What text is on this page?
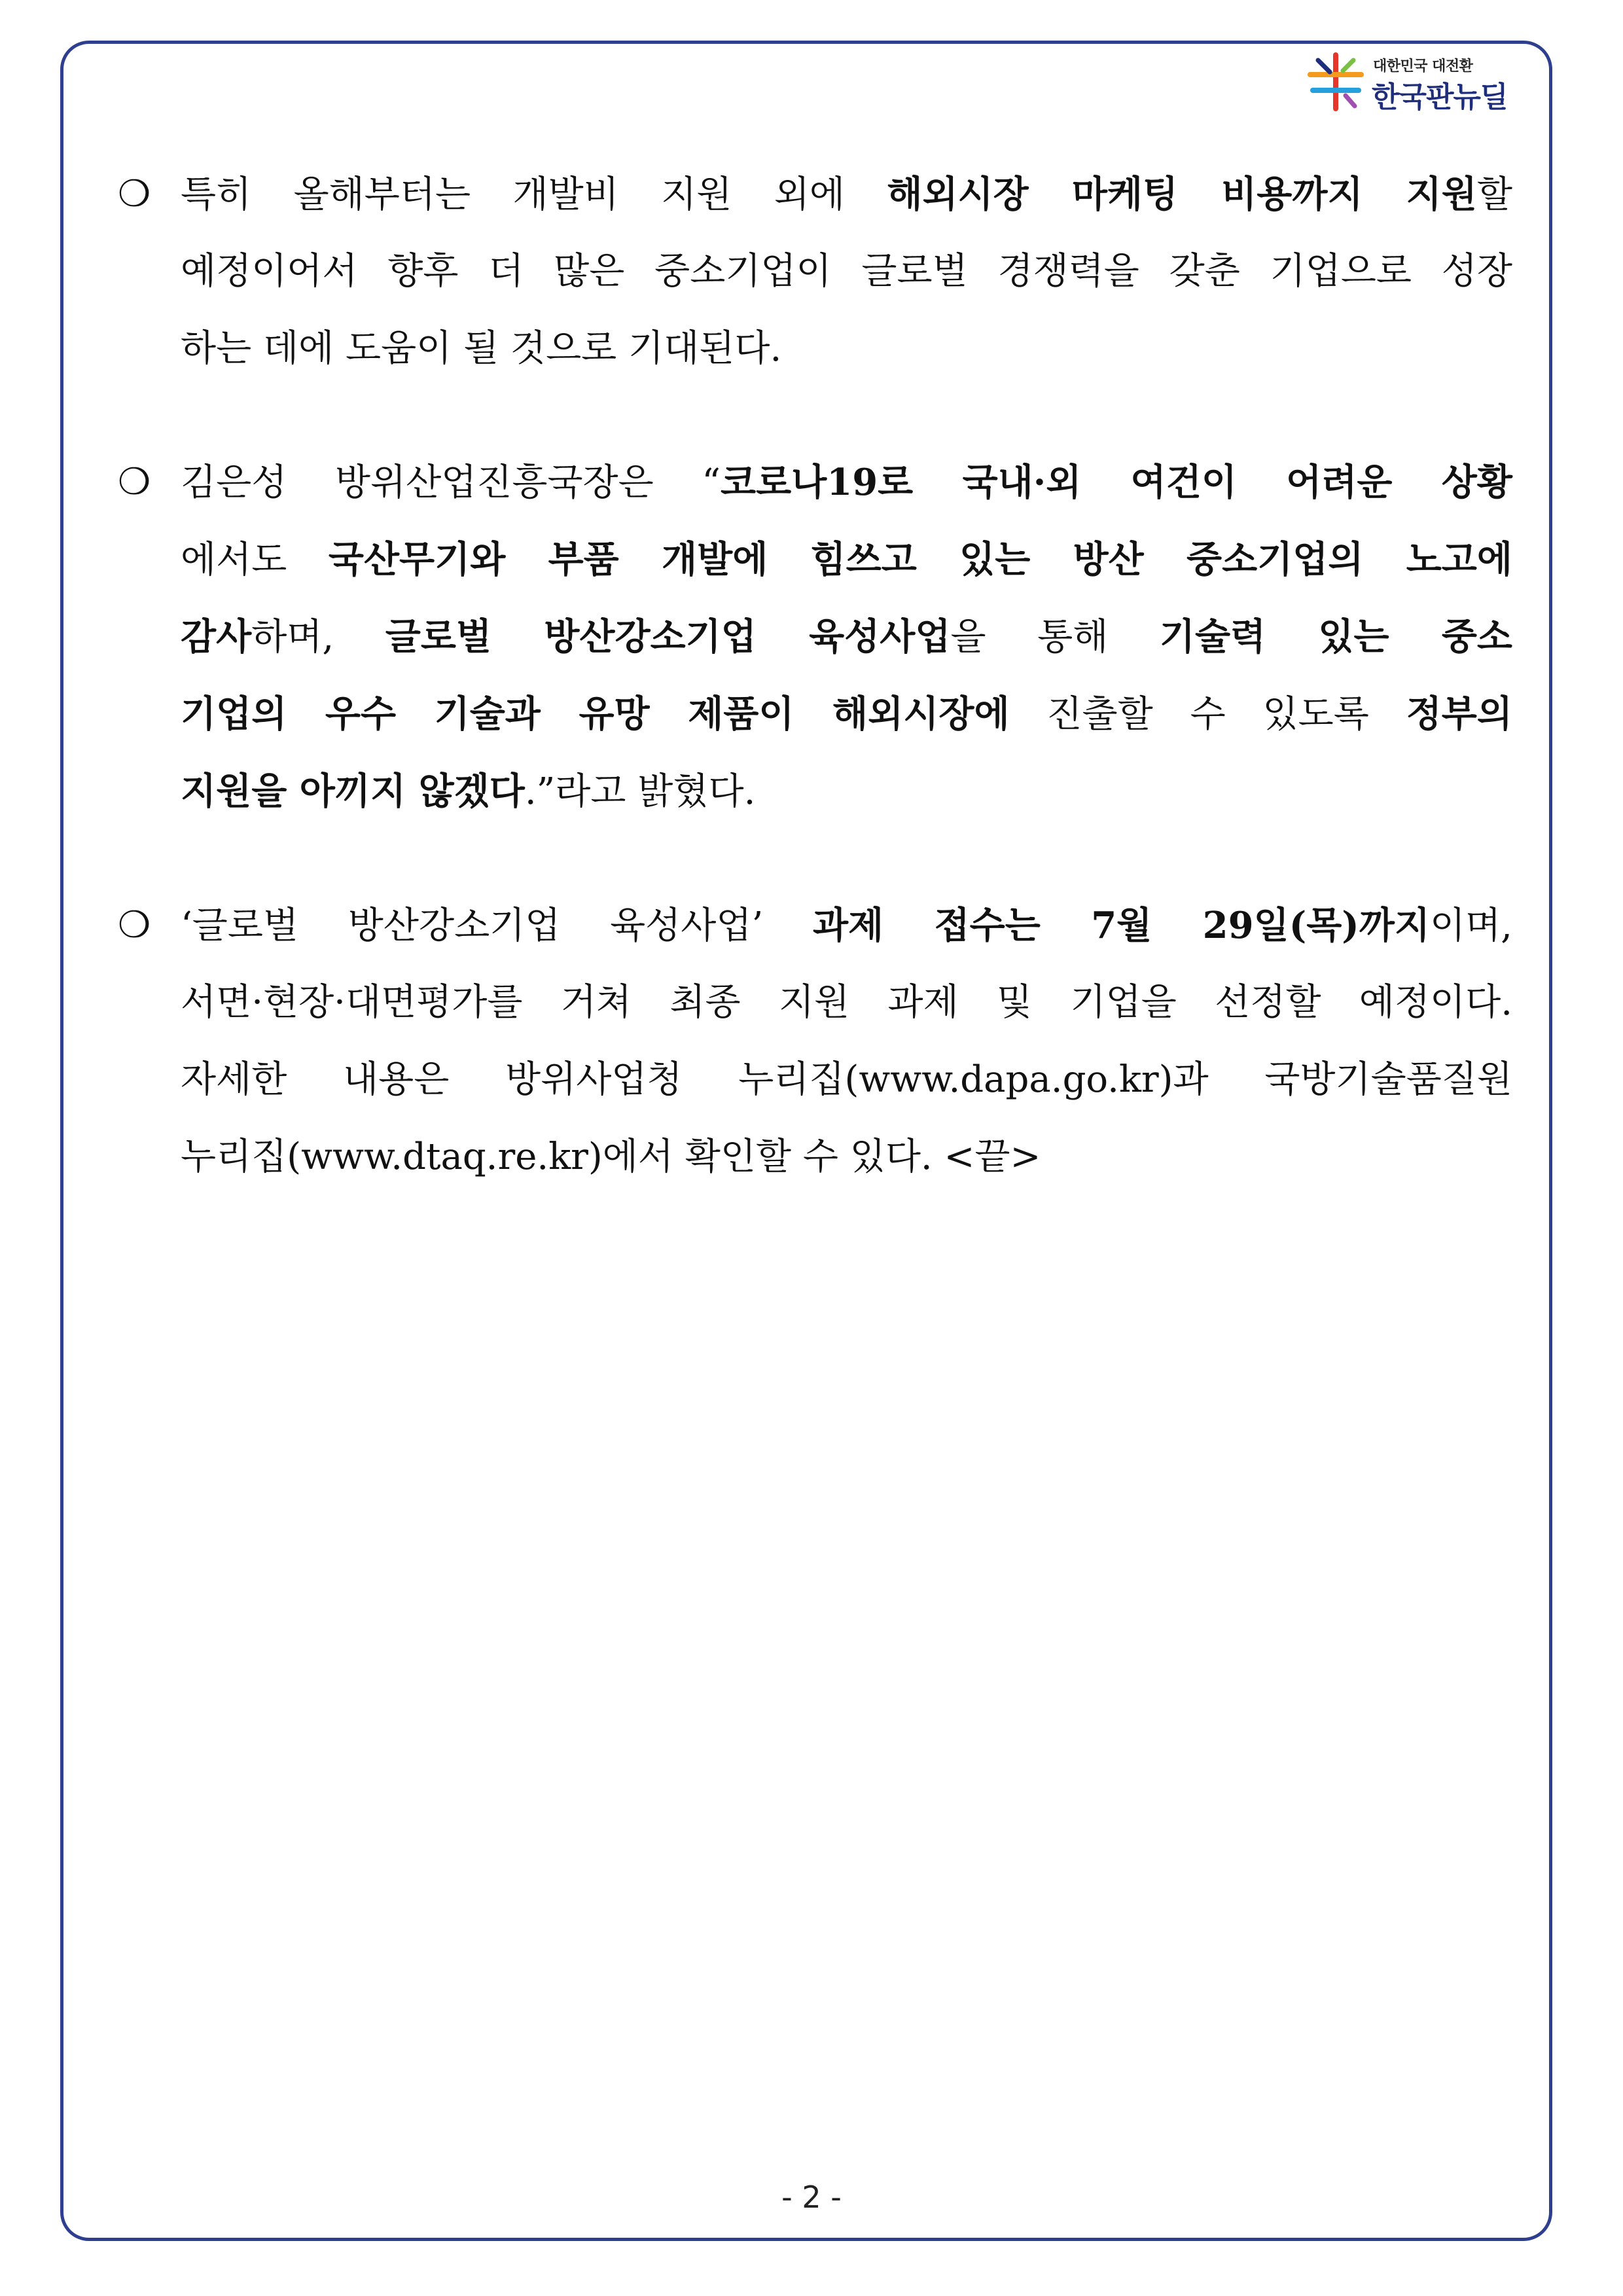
대한민국 대전환
한국판뉴딜
❍ 특히 올해부터는 개발비 지원 외에 해외시장 마케팅 비용까지 지원할
예정이어서 향후 더 많은 중소기업이 글로벌 경쟁력을 갖춘 기업으로 성장
하는 데에 도움이 될 것으로 기대된다.
❍ 김은성 방위산업진흥국장은 “코로나19로 국내·외 여건이 어려운 상황
에서도 국산무기와 부품 개발에 힘쓰고 있는 방산 중소기업의 노고에
감사하며, 글로벌 방산강소기업 육성사업을 통해 기술력 있는 중소
기업의 우수 기술과 유망 제품이 해외시장에 진출할 수 있도록 정부의
지원을 아끼지 않겠다.”라고 밝혔다.
❍ ‘글로벌 방산강소기업 육성사업’ 과제 접수는 7월 29일(목)까지이며,
서면·현장·대면평가를 거쳐 최종 지원 과제 및 기업을 선정할 예정이다.
자세한 내용은 방위사업청 누리집(www.dapa.go.kr)과 국방기술품질원
누리집(www.dtaq.re.kr)에서 확인할 수 있다. <끝>
- 2 -
